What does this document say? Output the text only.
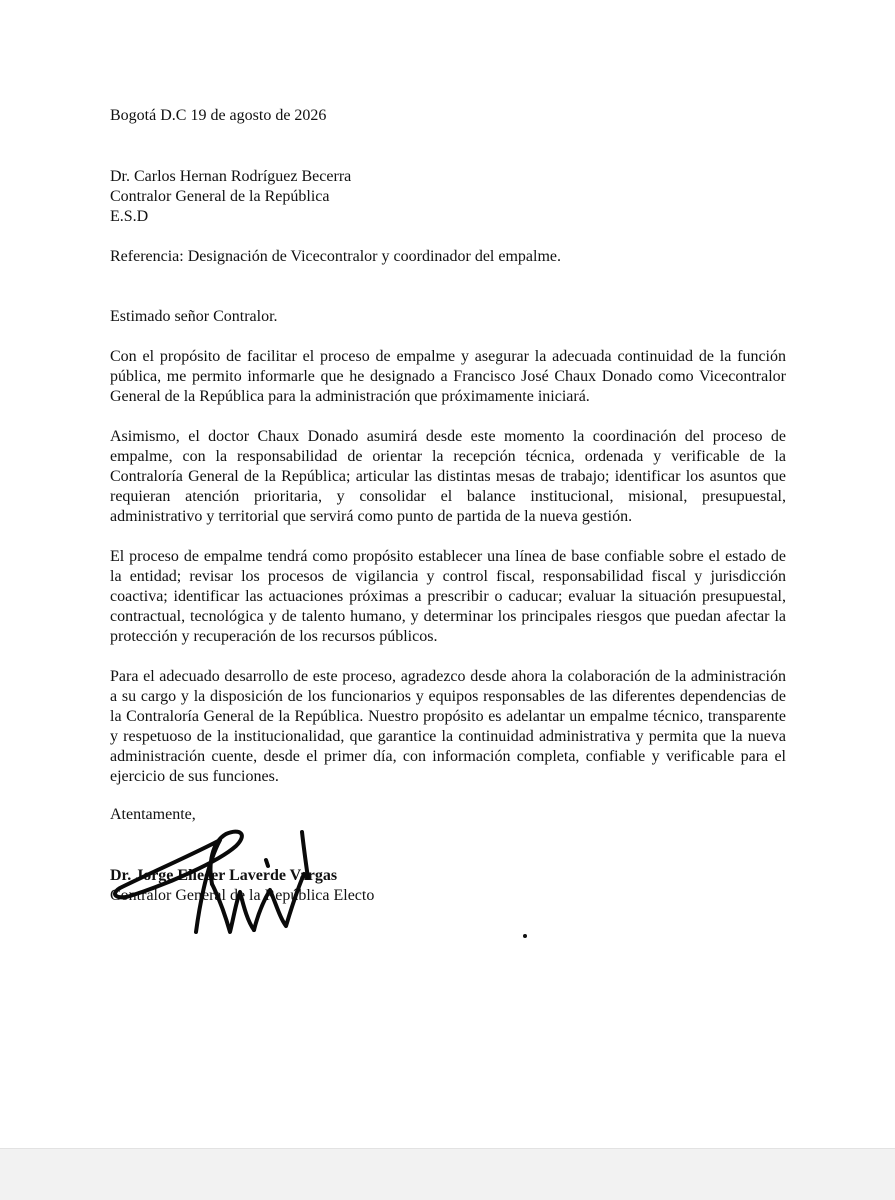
Bogotá D.C 19 de agosto de 2026

Dr. Carlos Hernan Rodríguez Becerra
Contralor General de la República
E.S.D

Referencia: Designación de Vicecontralor y coordinador del empalme.

Estimado señor Contralor.

Con el propósito de facilitar el proceso de empalme y asegurar la adecuada continuidad de la función pública, me permito informarle que he designado a Francisco José Chaux Donado como Vicecontralor General de la República para la administración que próximamente iniciará.

Asimismo, el doctor Chaux Donado asumirá desde este momento la coordinación del proceso de empalme, con la responsabilidad de orientar la recepción técnica, ordenada y verificable de la Contraloría General de la República; articular las distintas mesas de trabajo; identificar los asuntos que requieran atención prioritaria, y consolidar el balance institucional, misional, presupuestal, administrativo y territorial que servirá como punto de partida de la nueva gestión.

El proceso de empalme tendrá como propósito establecer una línea de base confiable sobre el estado de la entidad; revisar los procesos de vigilancia y control fiscal, responsabilidad fiscal y jurisdicción coactiva; identificar las actuaciones próximas a prescribir o caducar; evaluar la situación presupuestal, contractual, tecnológica y de talento humano, y determinar los principales riesgos que puedan afectar la protección y recuperación de los recursos públicos.

Para el adecuado desarrollo de este proceso, agradezco desde ahora la colaboración de la administración a su cargo y la disposición de los funcionarios y equipos responsables de las diferentes dependencias de la Contraloría General de la República. Nuestro propósito es adelantar un empalme técnico, transparente y respetuoso de la institucionalidad, que garantice la continuidad administrativa y permita que la nueva administración cuente, desde el primer día, con información completa, confiable y verificable para el ejercicio de sus funciones.

Atentamente,

Dr. Jorge Eliecer Laverde Vargas
Contralor General de la República Electo
